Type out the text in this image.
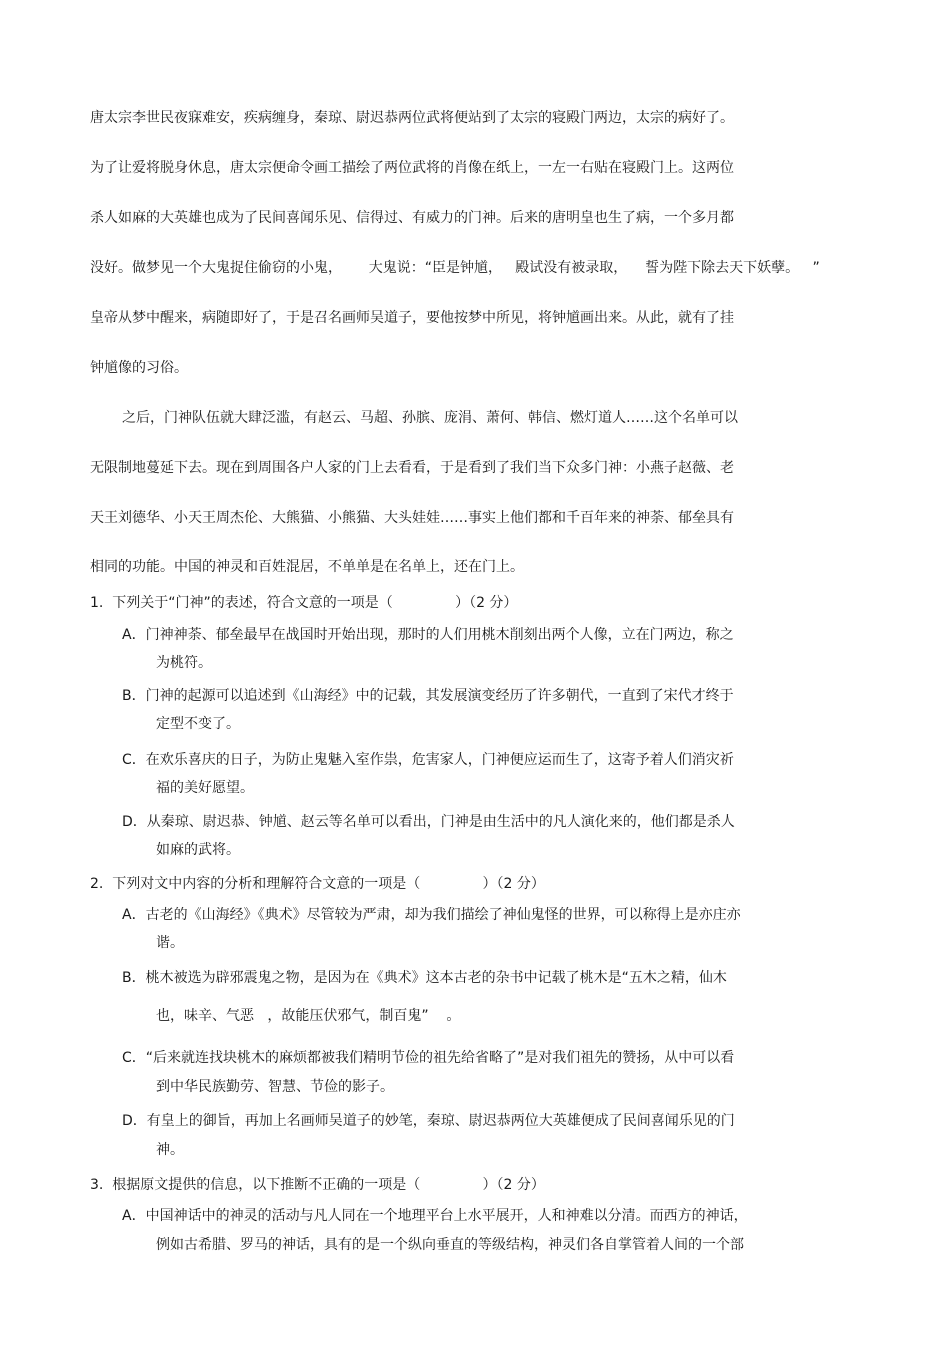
唐太宗李世民夜寐难安，疾病缠身，秦琼、尉迟恭两位武将便站到了太宗的寝殿门两边，太宗的病好了。
为了让爱将脱身休息，唐太宗便命令画工描绘了两位武将的肖像在纸上，一左一右贴在寝殿门上。这两位
杀人如麻的大英雄也成为了民间喜闻乐见、信得过、有威力的门神。后来的唐明皇也生了病，一个多月都
没好。做梦见一个大鬼捉住偷窃的小鬼，      大鬼说：“臣是钟馗，   殿试没有被录取，    誓为陛下除去天下妖孽。   ”
皇帝从梦中醒来，病随即好了，于是召名画师吴道子，要他按梦中所见，将钟馗画出来。从此，就有了挂
钟馗像的习俗。
之后，门神队伍就大肆泛滥，有赵云、马超、孙膑、庞涓、萧何、韩信、燃灯道人……这个名单可以
无限制地蔓延下去。现在到周围各户人家的门上去看看，于是看到了我们当下众多门神：小燕子赵薇、老
天王刘德华、小天王周杰伦、大熊猫、小熊猫、大头娃娃……事实上他们都和千百年来的神荼、郁垒具有
相同的功能。中国的神灵和百姓混居，不单单是在名单上，还在门上。
1.  下列关于“门神”的表述，符合文意的一项是（              ）（2 分）
A．门神神荼、郁垒最早在战国时开始出现，那时的人们用桃木削刻出两个人像，立在门两边，称之
为桃符。
B．门神的起源可以追述到《山海经》中的记载，其发展演变经历了许多朝代，一直到了宋代才终于
定型不变了。
C．在欢乐喜庆的日子，为防止鬼魅入室作祟，危害家人，门神便应运而生了，这寄予着人们消灾祈
福的美好愿望。
D．从秦琼、尉迟恭、钟馗、赵云等名单可以看出，门神是由生活中的凡人演化来的，他们都是杀人
如麻的武将。
2.  下列对文中内容的分析和理解符合文意的一项是（              ）（2 分）
A．古老的《山海经》《典术》尽管较为严肃，却为我们描绘了神仙鬼怪的世界，可以称得上是亦庄亦
谐。
B．桃木被选为辟邪震鬼之物，是因为在《典术》这本古老的杂书中记载了桃木是“五木之精，仙木
也，味辛、气恶   ，故能压伏邪气，制百鬼”    。
C．“后来就连找块桃木的麻烦都被我们精明节俭的祖先给省略了”是对我们祖先的赞扬，从中可以看
到中华民族勤劳、智慧、节俭的影子。
D．有皇上的御旨，再加上名画师吴道子的妙笔，秦琼、尉迟恭两位大英雄便成了民间喜闻乐见的门
神。
3.  根据原文提供的信息，以下推断不正确的一项是（              ）（2 分）
A．中国神话中的神灵的活动与凡人同在一个地理平台上水平展开，人和神难以分清。而西方的神话，
例如古希腊、罗马的神话，具有的是一个纵向垂直的等级结构，神灵们各自掌管着人间的一个部
